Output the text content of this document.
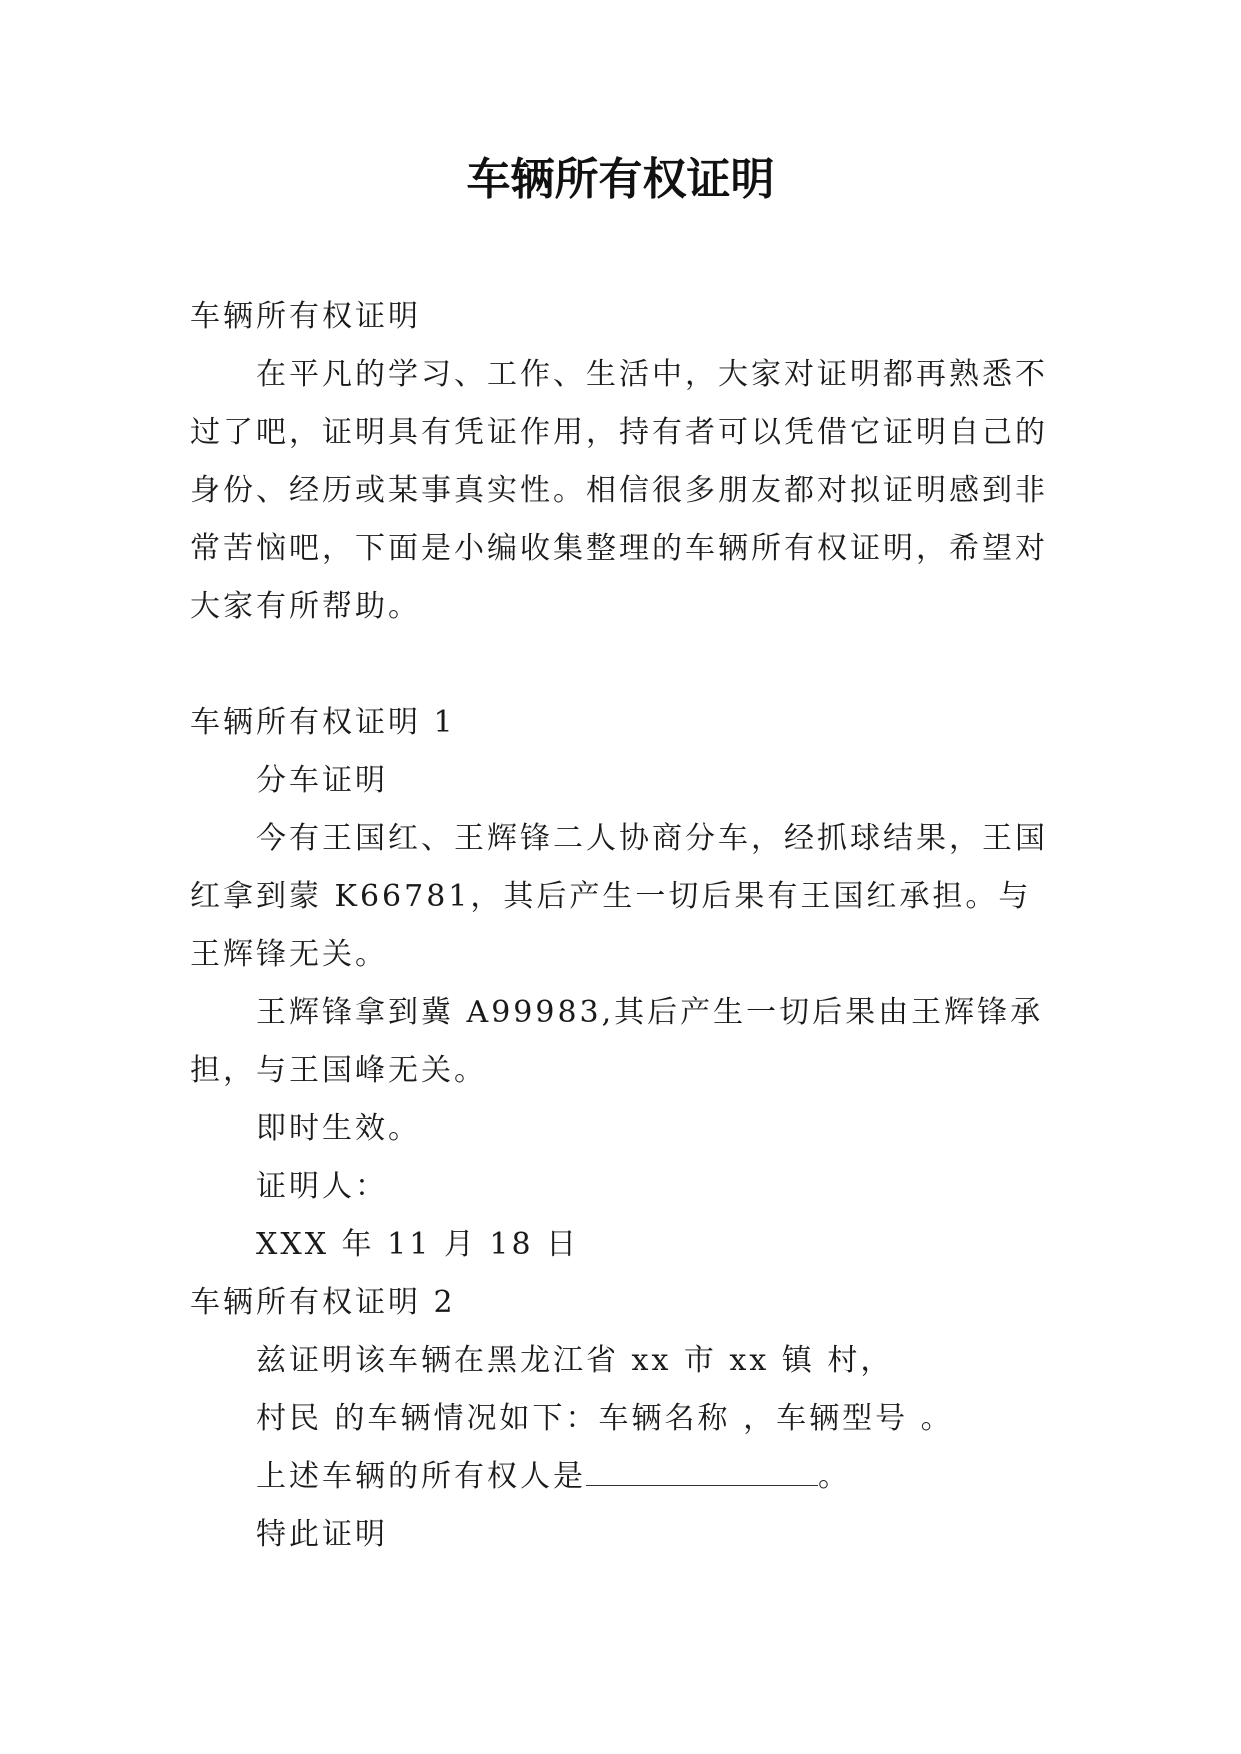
车辆所有权证明

车辆所有权证明

在平凡的学习、工作、生活中，大家对证明都再熟悉不过了吧，证明具有凭证作用，持有者可以凭借它证明自己的身份、经历或某事真实性。相信很多朋友都对拟证明感到非常苦恼吧，下面是小编收集整理的车辆所有权证明，希望对大家有所帮助。

车辆所有权证明 1

分车证明

今有王国红、王辉锋二人协商分车，经抓球结果，王国红拿到蒙 K66781，其后产生一切后果有王国红承担。与王辉锋无关。

王辉锋拿到冀 A99983,其后产生一切后果由王辉锋承担，与王国峰无关。

即时生效。

证明人：

XXX 年 11 月 18 日

车辆所有权证明 2

兹证明该车辆在黑龙江省 xx 市 xx 镇 村，

村民 的车辆情况如下：车辆名称 ，车辆型号 。

上述车辆的所有权人是	。

特此证明
